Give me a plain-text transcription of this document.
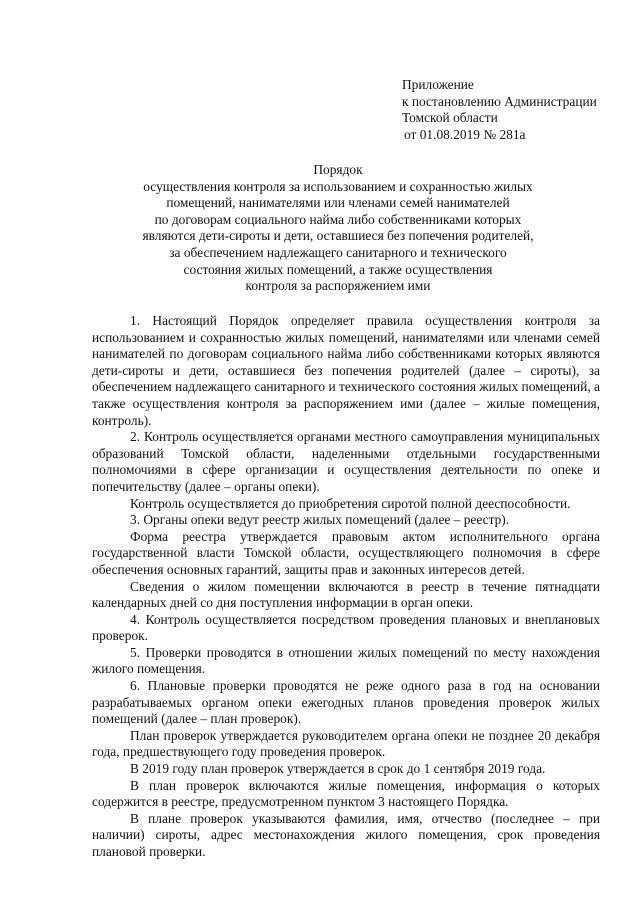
Приложение
к постановлению Администрации
Томской области
от 01.08.2019 № 281а
Порядок
осуществления контроля за использованием и сохранностью жилых
помещений, нанимателями или членами семей нанимателей
по договорам социального найма либо собственниками которых
являются дети-сироты и дети, оставшиеся без попечения родителей,
за обеспечением надлежащего санитарного и технического
состояния жилых помещений, а также осуществления
контроля за распоряжением ими

1. Настоящий Порядок определяет правила осуществления контроля за использованием и сохранностью жилых помещений, нанимателями или членами семей нанимателей по договорам социального найма либо собственниками которых являются дети-сироты и дети, оставшиеся без попечения родителей (далее – сироты), за обеспечением надлежащего санитарного и технического состояния жилых помещений, а также осуществления контроля за распоряжением ими (далее – жилые помещения, контроль).

2. Контроль осуществляется органами местного самоуправления муниципальных образований Томской области, наделенными отдельными государственными полномочиями в сфере организации и осуществления деятельности по опеке и попечительству (далее – органы опеки).

Контроль осуществляется до приобретения сиротой полной дееспособности.

3. Органы опеки ведут реестр жилых помещений (далее – реестр).

Форма реестра утверждается правовым актом исполнительного органа государственной власти Томской области, осуществляющего полномочия в сфере обеспечения основных гарантий, защиты прав и законных интересов детей.

Сведения о жилом помещении включаются в реестр в течение пятнадцати календарных дней со дня поступления информации в орган опеки.

4. Контроль осуществляется посредством проведения плановых и внеплановых проверок.

5. Проверки проводятся в отношении жилых помещений по месту нахождения жилого помещения.

6. Плановые проверки проводятся не реже одного раза в год на основании разрабатываемых органом опеки ежегодных планов проведения проверок жилых помещений (далее – план проверок).

План проверок утверждается руководителем органа опеки не позднее 20 декабря года, предшествующего году проведения проверок.

В 2019 году план проверок утверждается в срок до 1 сентября 2019 года.

В план проверок включаются жилые помещения, информация о которых содержится в реестре, предусмотренном пунктом 3 настоящего Порядка.

В плане проверок указываются фамилия, имя, отчество (последнее – при наличии) сироты, адрес местонахождения жилого помещения, срок проведения плановой проверки.
